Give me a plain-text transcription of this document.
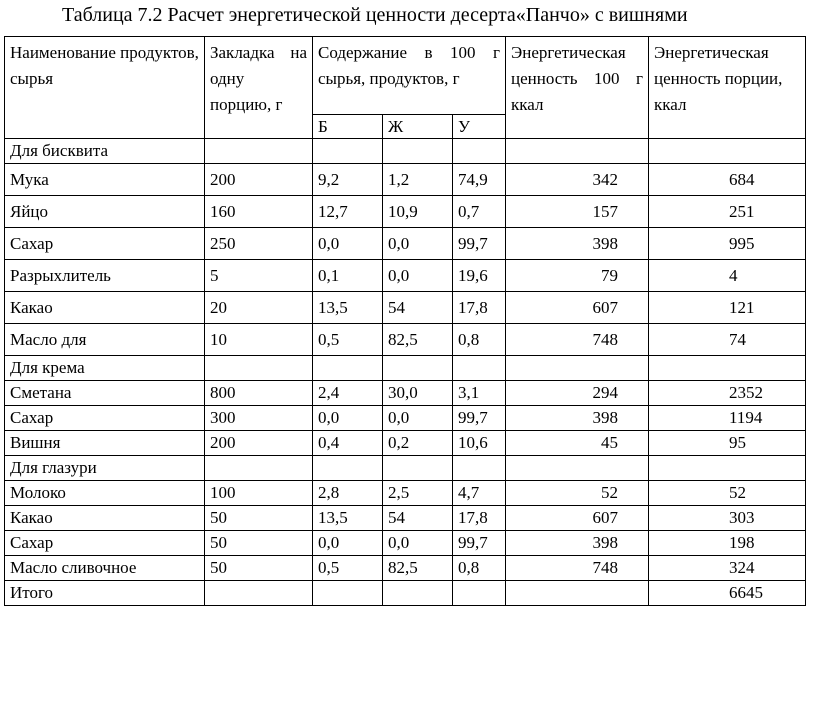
Таблица 7.2 Расчет энергетической ценности десерта«Панчо» с вишнями
Наименование продуктов, сырья	Закладка на одну порцию, г	Содержание в 100 г сырья, продуктов, г			Энергетическая ценность 100 г ккал	Энергетическая ценность порции, ккал
		Б	Ж	У		
Для бисквита						
Мука	200	9,2	1,2	74,9	342	684
Яйцо	160	12,7	10,9	0,7	157	251
Сахар	250	0,0	0,0	99,7	398	995
Разрыхлитель	5	0,1	0,0	19,6	79	4
Какао	20	13,5	54	17,8	607	121
Масло для	10	0,5	82,5	0,8	748	74
Для крема						
Сметана	800	2,4	30,0	3,1	294	2352
Сахар	300	0,0	0,0	99,7	398	1194
Вишня	200	0,4	0,2	10,6	45	95
Для глазури						
Молоко	100	2,8	2,5	4,7	52	52
Какао	50	13,5	54	17,8	607	303
Сахар	50	0,0	0,0	99,7	398	198
Масло сливочное	50	0,5	82,5	0,8	748	324
Итого						6645
